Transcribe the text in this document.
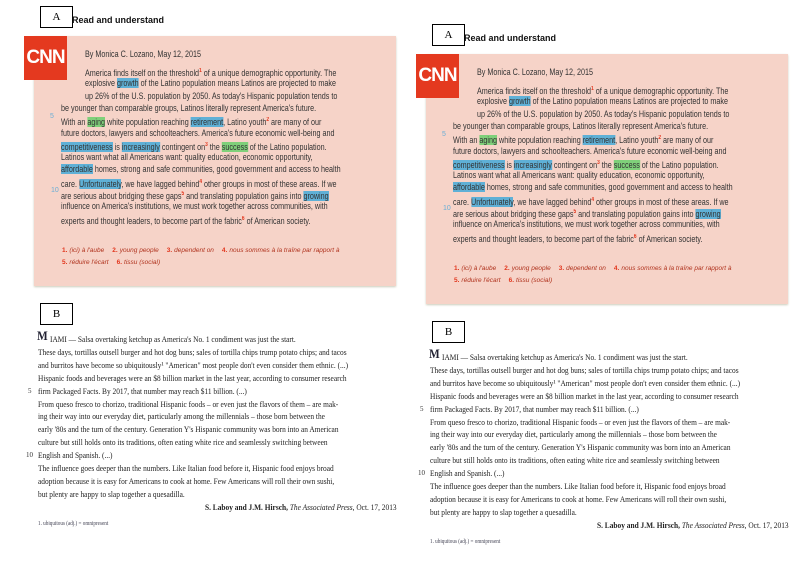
A	Read and understand
CNN By Monica C. Lozano, May 12, 2015
America finds itself on the threshold$^1$ of a unique demographic opportunity. The
explosive growth of the Latino population means Latinos are projected to make
up 26% of the U.S. population by 2050. As today's Hispanic population tends to
be younger than comparable groups, Latinos literally represent America's future.
With an aging white population reaching retirement, Latino youth$^2$ are many of our
future doctors, lawyers and schoolteachers. America's future economic well-being and
competitiveness is increasingly contingent on$^3$ the success of the Latino population.
Latinos want what all Americans want: quality education, economic opportunity,
affordable homes, strong and safe communities, good government and access to health
care. Unfortunately, we have lagged behind$^4$ other groups in most of these areas. If we
are serious about bridging these gaps$^5$ and translating population gains into growing
influence on America's institutions, we must work together across communities, with
experts and thought leaders, to become part of the fabric$^6$ of American society.
5
10
1. (ici) à l'aube 2. young people 3. dependent on 4. nous sommes à la traîne par rapport à
5. réduire l'écart 6. tissu (social)
B
M IAMI — Salsa overtaking ketchup as America's No. 1 condiment was just the start.
These days, tortillas outsell burger and hot dog buns; sales of tortilla chips trump potato chips; and tacos
and burritos have become so ubiquitously¹ "American" most people don't even consider them ethnic. (...)
Hispanic foods and beverages were an $8 billion market in the last year, according to consumer research
firm Packaged Facts. By 2017, that number may reach $11 billion. (...)
From queso fresco to chorizo, traditional Hispanic foods – or even just the flavors of them – are mak-
ing their way into our everyday diet, particularly among the millennials – those born between the
early '80s and the turn of the century. Generation Y's Hispanic community was born into an American
culture but still holds onto its traditions, often eating white rice and seamlessly switching between
English and Spanish. (...)
The influence goes deeper than the numbers. Like Italian food before it, Hispanic food enjoys broad
adoption because it is easy for Americans to cook at home. Few Americans will roll their own sushi,
but plenty are happy to slap together a quesadilla.
5
10
S. Laboy and J.M. Hirsch, The Associated Press, Oct. 17, 2013
1. ubiquitous (adj.) = omnipresent
A	Read and understand
CNN By Monica C. Lozano, May 12, 2015
America finds itself on the threshold$^1$ of a unique demographic opportunity. The
explosive growth of the Latino population means Latinos are projected to make
up 26% of the U.S. population by 2050. As today's Hispanic population tends to
be younger than comparable groups, Latinos literally represent America's future.
With an aging white population reaching retirement, Latino youth$^2$ are many of our
future doctors, lawyers and schoolteachers. America's future economic well-being and
competitiveness is increasingly contingent on$^3$ the success of the Latino population.
Latinos want what all Americans want: quality education, economic opportunity,
affordable homes, strong and safe communities, good government and access to health
care. Unfortunately, we have lagged behind$^4$ other groups in most of these areas. If we
are serious about bridging these gaps$^5$ and translating population gains into growing
influence on America's institutions, we must work together across communities, with
experts and thought leaders, to become part of the fabric$^6$ of American society.
5
10
1. (ici) à l'aube 2. young people 3. dependent on 4. nous sommes à la traîne par rapport à
5. réduire l'écart 6. tissu (social)
B
M IAMI — Salsa overtaking ketchup as America's No. 1 condiment was just the start.
These days, tortillas outsell burger and hot dog buns; sales of tortilla chips trump potato chips; and tacos
and burritos have become so ubiquitously¹ "American" most people don't even consider them ethnic. (...)
Hispanic foods and beverages were an $8 billion market in the last year, according to consumer research
firm Packaged Facts. By 2017, that number may reach $11 billion. (...)
From queso fresco to chorizo, traditional Hispanic foods – or even just the flavors of them – are mak-
ing their way into our everyday diet, particularly among the millennials – those born between the
early '80s and the turn of the century. Generation Y's Hispanic community was born into an American
culture but still holds onto its traditions, often eating white rice and seamlessly switching between
English and Spanish. (...)
The influence goes deeper than the numbers. Like Italian food before it, Hispanic food enjoys broad
adoption because it is easy for Americans to cook at home. Few Americans will roll their own sushi,
but plenty are happy to slap together a quesadilla.
5
10
S. Laboy and J.M. Hirsch, The Associated Press, Oct. 17, 2013
1. ubiquitous (adj.) = omnipresent
